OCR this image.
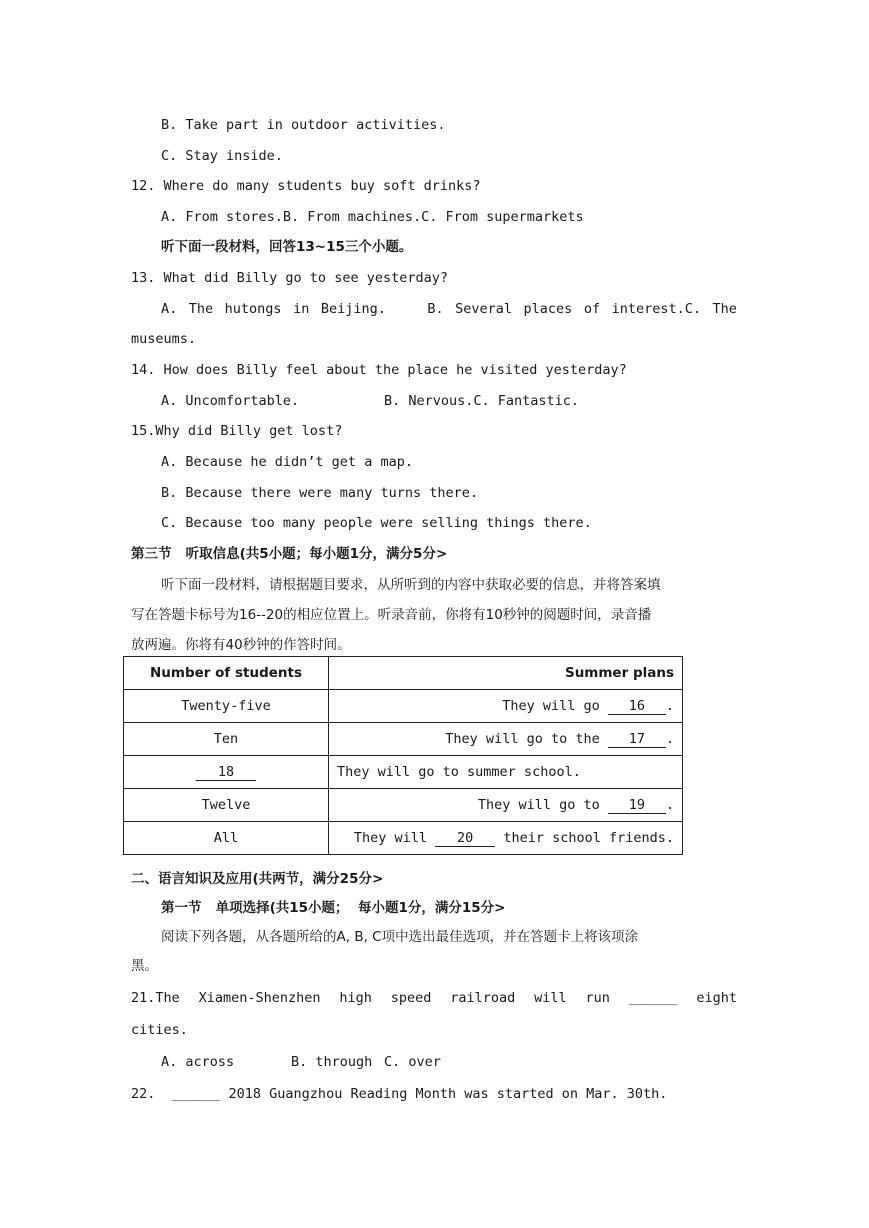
B. Take part in outdoor activities.
C. Stay inside.
12. Where do many students buy soft drinks?
A. From stores.B. From machines.C. From supermarkets
听下面一段材料，回答13~15三个小题。
13. What did Billy go to see yesterday?
A. The hutongs in Beijing.	B. Several places of interest.C. The
museums.
14. How does Billy feel about the place he visited yesterday?
A. Uncomfortable.	B. Nervous.C. Fantastic.
15.Why did Billy get lost?
A. Because he didn’t get a map.
B. Because there were many turns there.
C. Because too many people were selling things there.
第三节   听取信息(共5小题；每小题1分，满分5分>
听下面一段材料，请根据题目要求，从所听到的内容中获取必要的信息，并将答案填
写在答题卡标号为16--20的相应位置上。听录音前，你将有10秒钟的阅题时间，录音播
放两遍。你将有40秒钟的作答时间。
Number of students	Summer plans
Twenty-five	They will go 16 .
Ten	They will go to the 17 .
18	They will go to summer school.
Twelve	They will go to 19 .
All	They will 20 their school friends.
二、语言知识及应用(共两节，满分25分>
第一节   单项选择(共15小题；  每小题1分，满分15分>
阅读下列各题，从各题所给的A, B, C项中选出最佳选项，并在答题卡上将该项涂
黑。
21.The Xiamen-Shenzhen high speed railroad will run ______ eight
cities.
A. across	B. through C. over
22.  ______ 2018 Guangzhou Reading Month was started on Mar. 30th.
